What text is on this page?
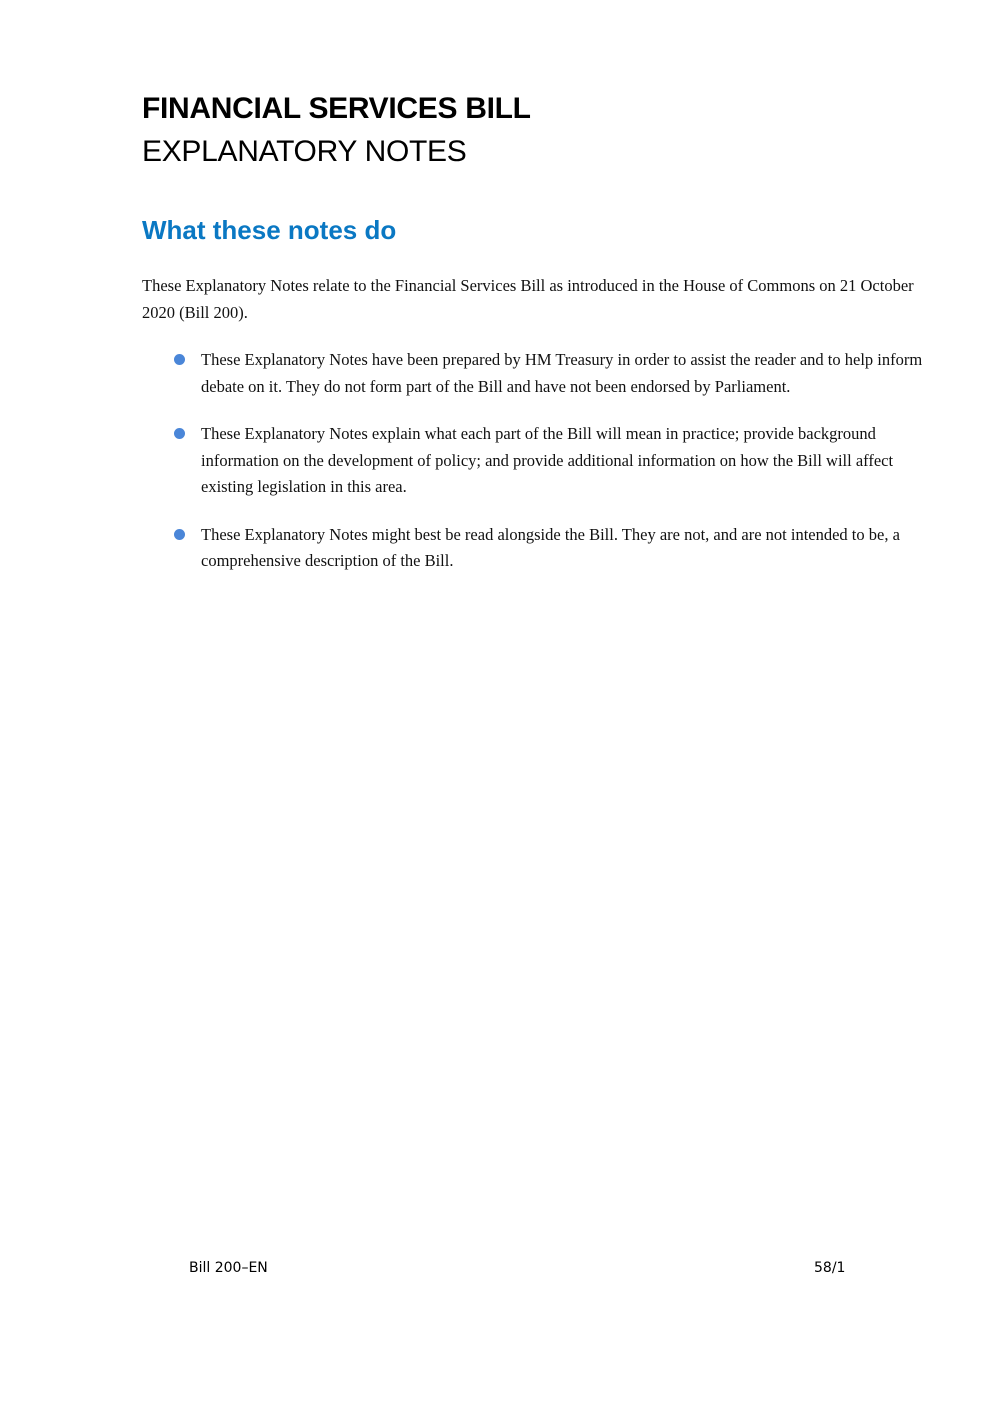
FINANCIAL SERVICES BILL
EXPLANATORY NOTES
What these notes do
These Explanatory Notes relate to the Financial Services Bill as introduced in the House of Commons on 21 October 2020 (Bill 200).
These Explanatory Notes have been prepared by HM Treasury in order to assist the reader and to help inform debate on it. They do not form part of the Bill and have not been endorsed by Parliament.
These Explanatory Notes explain what each part of the Bill will mean in practice; provide background information on the development of policy; and provide additional information on how the Bill will affect existing legislation in this area.
These Explanatory Notes might best be read alongside the Bill. They are not, and are not intended to be, a comprehensive description of the Bill.
Bill 200–EN	58/1
